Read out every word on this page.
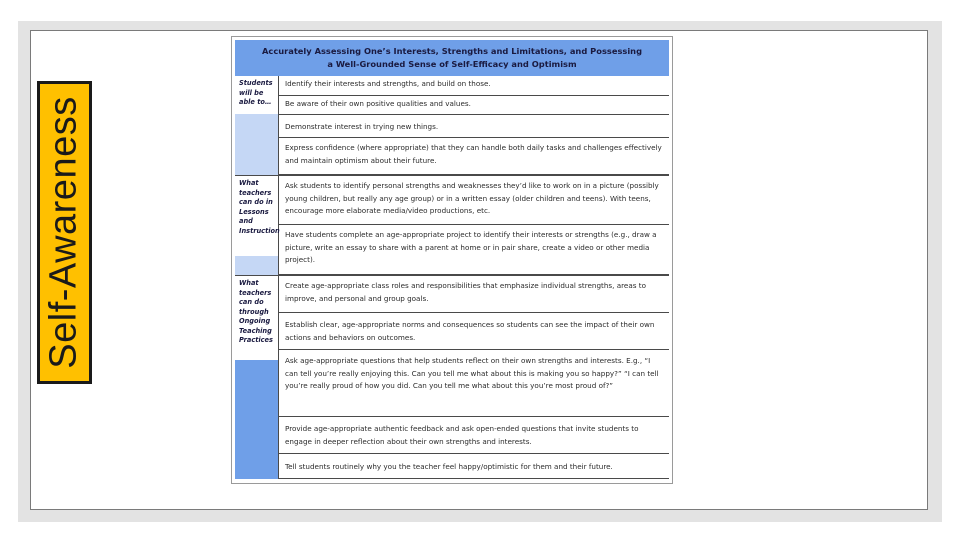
Self-Awareness
Accurately Assessing One’s Interests, Strengths and Limitations, and Possessing
a Well-Grounded Sense of Self-Efficacy and Optimism
Students will be able to…
Identify their interests and strengths, and build on those.
Be aware of their own positive qualities and values.
Demonstrate interest in trying new things.
Express confidence (where appropriate) that they can handle both daily tasks and challenges effectively and maintain optimism about their future.
What teachers can do in Lessons and Instruction
Ask students to identify personal strengths and weaknesses they’d like to work on in a picture (possibly young children, but really any age group) or in a written essay (older children and teens). With teens, encourage more elaborate media/video productions, etc.
Have students complete an age-appropriate project to identify their interests or strengths (e.g., draw a picture, write an essay to share with a parent at home or in pair share, create a video or other media project).
What teachers can do through Ongoing Teaching Practices
Create age-appropriate class roles and responsibilities that emphasize individual strengths, areas to improve, and personal and group goals.
Establish clear, age-appropriate norms and consequences so students can see the impact of their own actions and behaviors on outcomes.
Ask age-appropriate questions that help students reflect on their own strengths and interests. E.g., “I can tell you’re really enjoying this. Can you tell me what about this is making you so happy?” “I can tell you’re really proud of how you did. Can you tell me what about this you’re most proud of?”
Provide age-appropriate authentic feedback and ask open-ended questions that invite students to engage in deeper reflection about their own strengths and interests.
Tell students routinely why you the teacher feel happy/optimistic for them and their future.
